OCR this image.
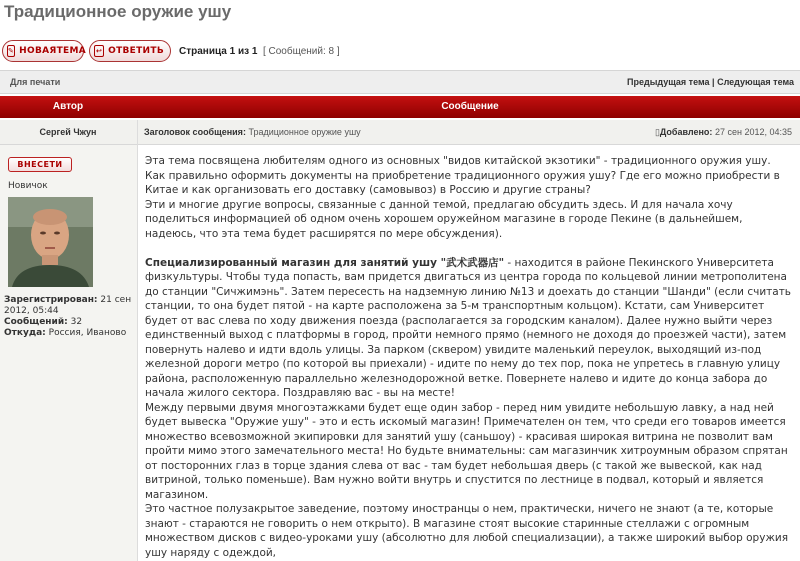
Традиционное оружие ушу
✎ НОВАЯТЕМА ↩ ОТВЕТИТЬ Страница 1 из 1 [ Сообщений: 8 ]
Для печати	Предыдущая тема | Следующая тема
Автор	Сообщение
Сергей Чжун	Заголовок сообщения: Традиционное оружие ушу	▯Добавлено: 27 сен 2012, 04:35
ВНЕСЕТИ
Новичок
Зарегистрирован: 21 сен 2012, 05:44
Сообщений: 32
Откуда: Россия, Иваново

Эта тема посвящена любителям одного из основных "видов китайской экзотики" - традиционного оружия ушу.

Как правильно оформить документы на приобретение традиционного оружия ушу? Где его можно приобрести в Китае и как организовать его доставку (самовывоз) в Россию и другие страны?

Эти и многие другие вопросы, связанные с данной темой, предлагаю обсудить здесь. И для начала хочу поделиться информацией об одном очень хорошем оружейном магазине в городе Пекине (в дальнейшем, надеюсь, что эта тема будет расширятся по мере обсуждения).

Специализированный магазин для занятий ушу "武术武器店" - находится в районе Пекинского Университета физкультуры. Чтобы туда попасть, вам придется двигаться из центра города по кольцевой линии метрополитена до станции "Сичжимэнь". Затем пересесть на надземную линию №13 и доехать до станции "Шанди" (если считать станции, то она будет пятой - на карте расположена за 5-м транспортным кольцом). Кстати, сам Университет будет от вас слева по ходу движения поезда (располагается за городским каналом). Далее нужно выйти через единственный выход с платформы в город, пройти немного прямо (немного не доходя до проезжей части), затем повернуть налево и идти вдоль улицы. За парком (сквером) увидите маленький переулок, выходящий из-под железной дороги метро (по которой вы приехали) - идите по нему до тех пор, пока не упретесь в главную улицу района, расположенную параллельно железнодорожной ветке. Повернете налево и идите до конца забора до начала жилого сектора. Поздравляю вас - вы на месте!

Между первыми двумя многоэтажками будет еще один забор - перед ним увидите небольшую лавку, а над ней будет вывеска "Оружие ушу" - это и есть искомый магазин! Примечателен он тем, что среди его товаров имеется множество всевозможной экипировки для занятий ушу (саньшоу) - красивая широкая витрина не позволит вам пройти мимо этого замечательного места! Но будьте внимательны: сам магазинчик хитроумным образом спрятан от посторонних глаз в торце здания слева от вас - там будет небольшая дверь (с такой же вывеской, как над витриной, только поменьше). Вам нужно войти внутрь и спустится по лестнице в подвал, который и является магазином.

Это частное полузакрытое заведение, поэтому иностранцы о нем, практически, ничего не знают (а те, которые знают - стараются не говорить о нем открыто). В магазине стоят высокие старинные стеллажи с огромным множеством дисков с видео-уроками ушу (абсолютно для любой специализации), а также широкий выбор оружия ушу наряду с одеждой,
